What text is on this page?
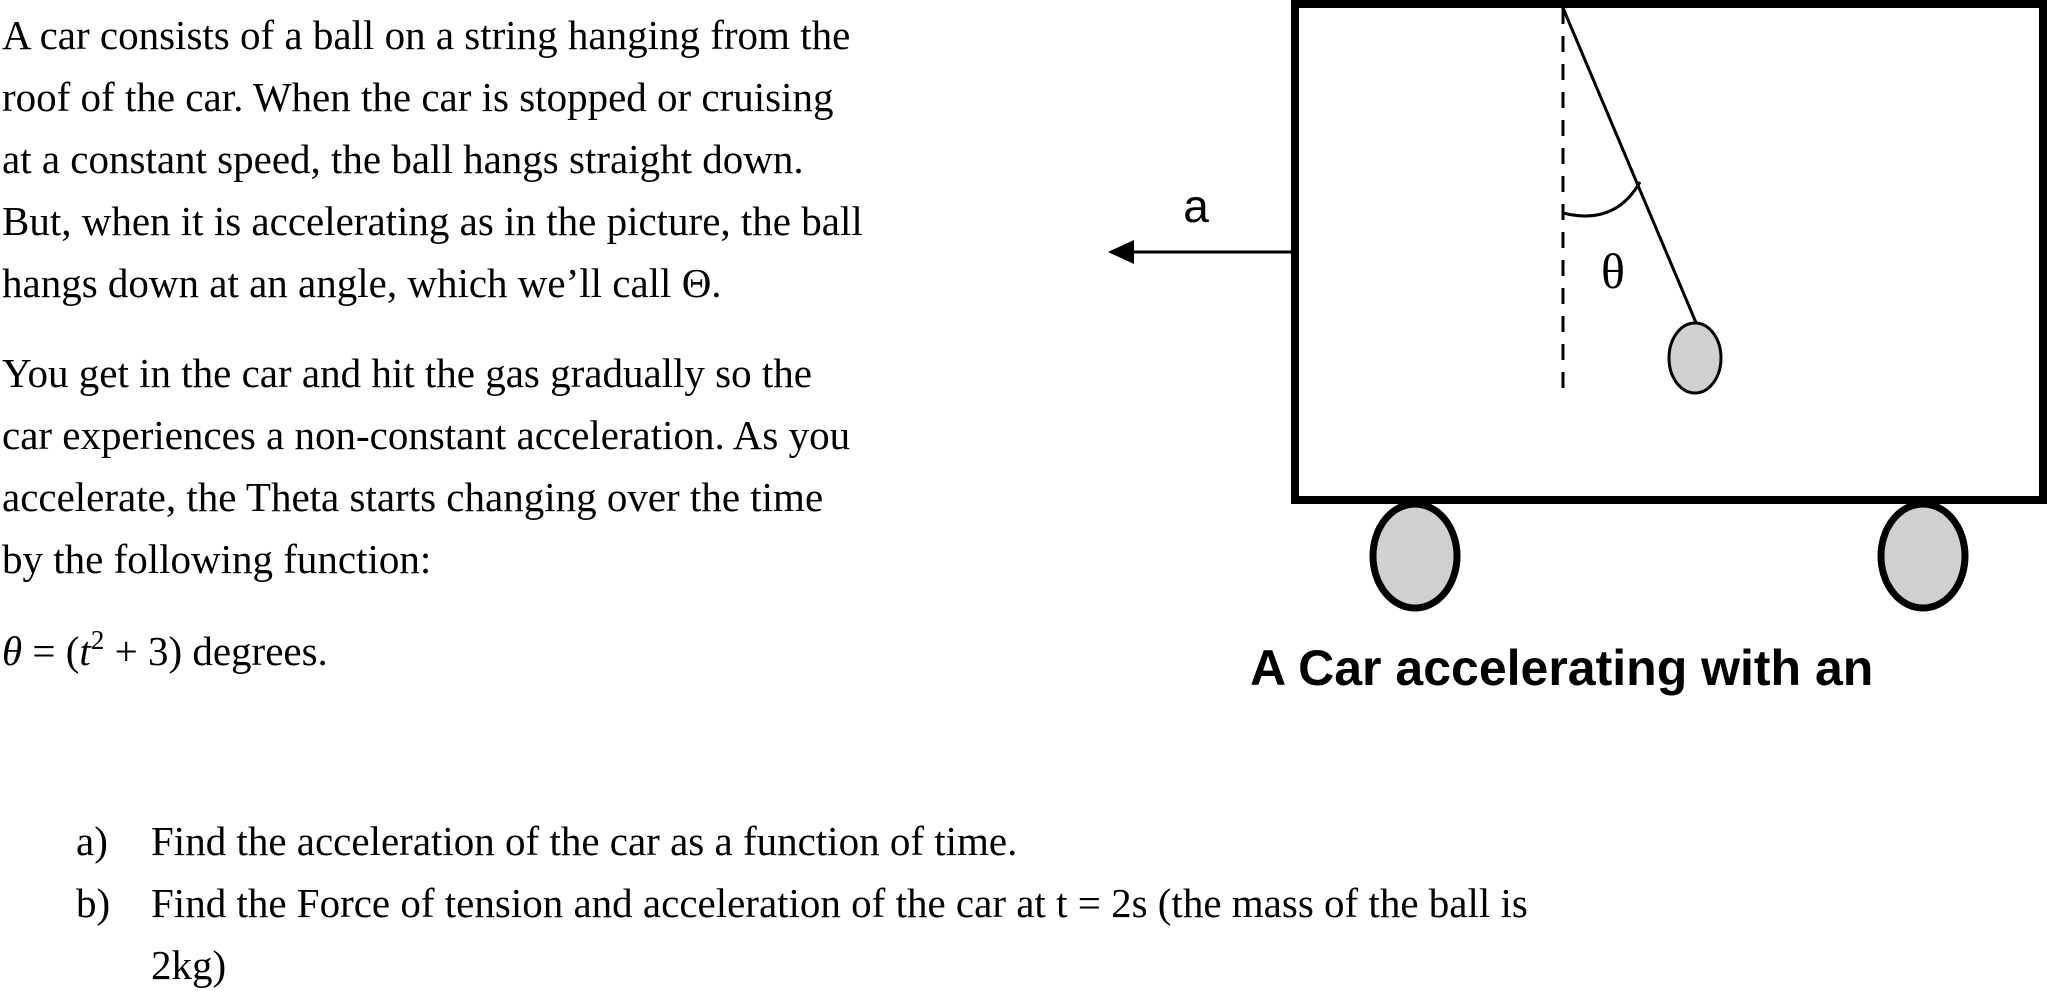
A car consists of a ball on a string hanging from the
roof of the car. When the car is stopped or cruising
at a constant speed, the ball hangs straight down.
But, when it is accelerating as in the picture, the ball
hangs down at an angle, which we’ll call Θ.
You get in the car and hit the gas gradually so the
car experiences a non-constant acceleration. As you
accelerate, the Theta starts changing over the time
by the following function:
$\theta = (t^2 + 3)$ degrees.
θ
a
A Car accelerating with an
a) Find the acceleration of the car as a function of time.
b) Find the Force of tension and acceleration of the car at t = 2s (the mass of the ball is
2kg)
